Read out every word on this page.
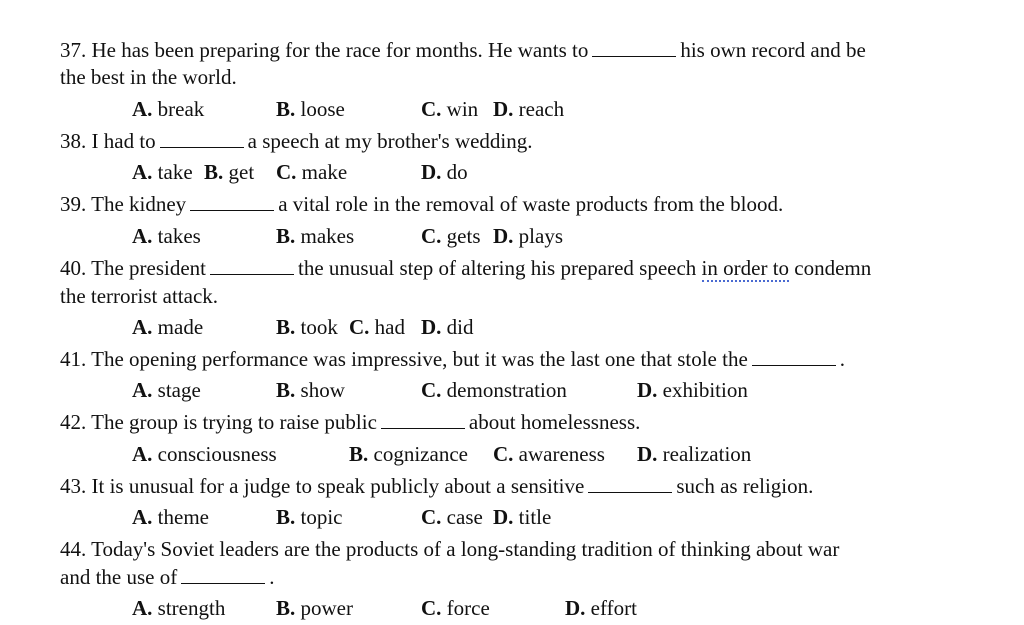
37. He has been preparing for the race for months. He wants to	his own record and be
the best in the world.
A. break	B. loose	C. win D. reach
38. I had to	a speech at my brother's wedding.
A. take B. get C. make	D. do
39. The kidney	a vital role in the removal of waste products from the blood.
A. takes	B. makes	C. gets D. plays
40. The president	the unusual step of altering his prepared speech in order to condemn
the terrorist attack.
A. made	B. took C. had D. did
41. The opening performance was impressive, but it was the last one that stole the	.
A. stage	B. show	C. demonstration	D. exhibition
42. The group is trying to raise public	about homelessness.
A. consciousness	B. cognizance C. awareness D. realization
43. It is unusual for a judge to speak publicly about a sensitive	such as religion.
A. theme	B. topic	C. case D. title
44. Today's Soviet leaders are the products of a long-standing tradition of thinking about war
and the use of	.
A. strength B. power	C. force	D. effort
